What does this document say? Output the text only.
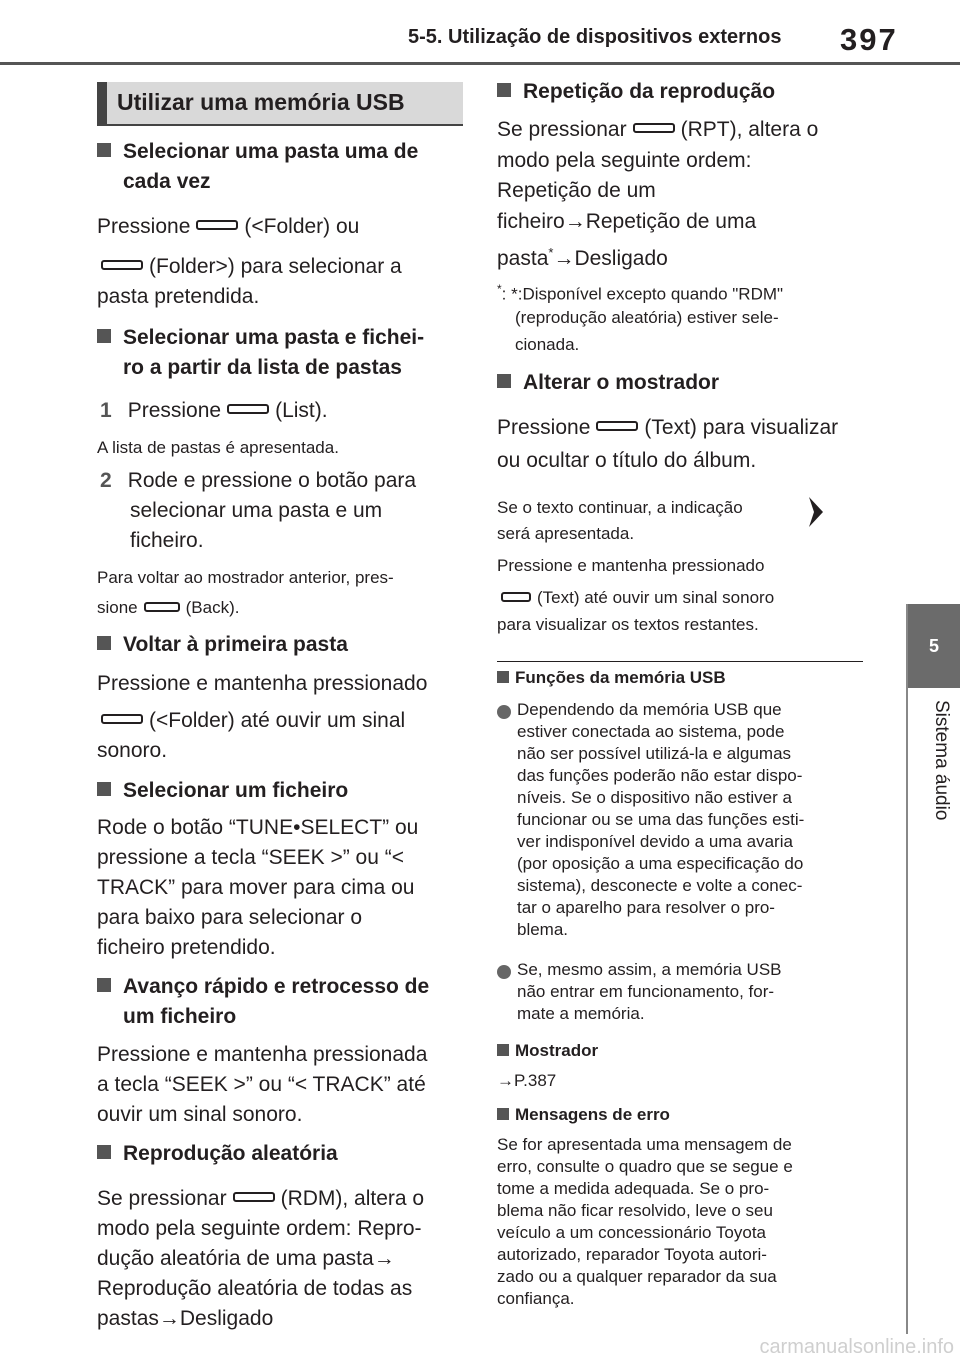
5-5. Utilização de dispositivos externos 397
5
Sistema áudio
Utilizar uma memória USB
Selecionar uma pasta uma de
cada vez
Pressione	(<Folder) ou
(Folder>) para selecionar a
pasta pretendida.
Selecionar uma pasta e fichei-
ro a partir da lista de pastas
1 Pressione	(List).
A lista de pastas é apresentada.
2 Rode e pressione o botão para
selecionar uma pasta e um
ficheiro.
Para voltar ao mostrador anterior, pres-
sione	(Back).
Voltar à primeira pasta
Pressione e mantenha pressionado
(<Folder) até ouvir um sinal
sonoro.
Selecionar um ficheiro
Rode o botão “TUNE•SELECT” ou
pressione a tecla “SEEK >” ou “<
TRACK” para mover para cima ou
para baixo para selecionar o
ficheiro pretendido.
Avanço rápido e retrocesso de
um ficheiro
Pressione e mantenha pressionada
a tecla “SEEK >” ou “< TRACK” até
ouvir um sinal sonoro.
Reprodução aleatória
Se pressionar	(RDM), altera o
modo pela seguinte ordem: Repro-
dução aleatória de uma pasta→
Reprodução aleatória de todas as
pastas→Desligado
Repetição da reprodução
Se pressionar	(RPT), altera o
modo pela seguinte ordem:
Repetição de um
ficheiro→Repetição de uma
pasta*→Desligado
*: *:Disponível excepto quando "RDM"
(reprodução aleatória) estiver sele-
cionada.
Alterar o mostrador
Pressione	(Text) para visualizar
ou ocultar o título do álbum.
Se o texto continuar, a indicação
será apresentada.
Pressione e mantenha pressionado
(Text) até ouvir um sinal sonoro
para visualizar os textos restantes.
Funções da memória USB
Dependendo da memória USB que
estiver conectada ao sistema, pode
não ser possível utilizá-la e algumas
das funções poderão não estar dispo-
níveis. Se o dispositivo não estiver a
funcionar ou se uma das funções esti-
ver indisponível devido a uma avaria
(por oposição a uma especificação do
sistema), desconecte e volte a conec-
tar o aparelho para resolver o pro-
blema.
Se, mesmo assim, a memória USB
não entrar em funcionamento, for-
mate a memória.
Mostrador
→P.387
Mensagens de erro
Se for apresentada uma mensagem de
erro, consulte o quadro que se segue e
tome a medida adequada. Se o pro-
blema não ficar resolvido, leve o seu
veículo a um concessionário Toyota
autorizado, reparador Toyota autori-
zado ou a qualquer reparador da sua
confiança.
carmanualsonline.info
